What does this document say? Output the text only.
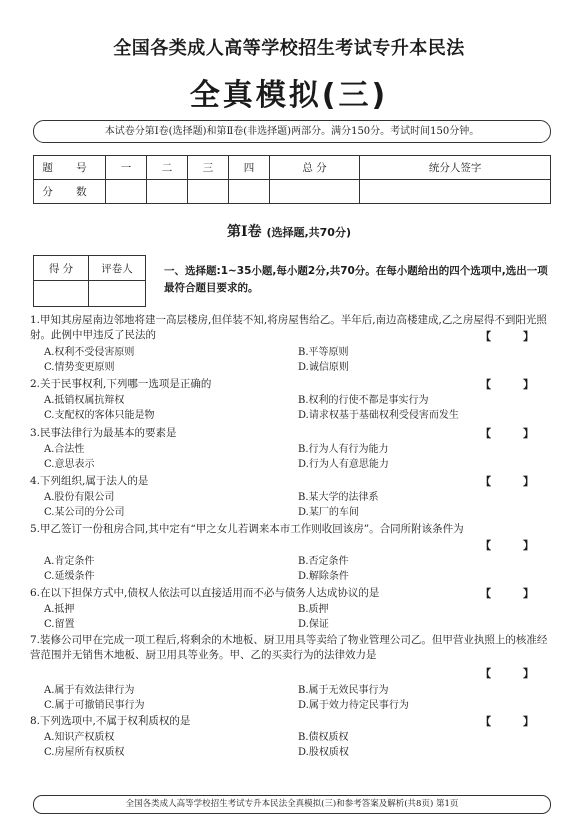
全国各类成人高等学校招生考试专升本民法
全真模拟(三)
本试卷分第Ⅰ卷(选择题)和第Ⅱ卷(非选择题)两部分。满分150分。考试时间150分钟。
题 号	一	二	三	四	总 分	统分人签字
分 数						
第Ⅰ卷 (选择题,共70分)
得 分	评卷人
		一、选择题:1~35小题,每小题2分,共70分。在每小题给出的四个选项中,选出一项最符合题目要求的。
1.甲知其房屋南边邻地将建一高层楼房,但佯装不知,将房屋售给乙。半年后,南边高楼建成,乙之房屋得不到阳光照射。此例中甲违反了民法的	【 】
A.权利不受侵害原则	B.平等原则
C.情势变更原则	D.诚信原则
2.关于民事权利,下列哪一选项是正确的	【 】
A.抵销权属抗辩权	B.权利的行使不都是事实行为
C.支配权的客体只能是物	D.请求权基于基础权利受侵害而发生
3.民事法律行为最基本的要素是	【 】
A.合法性	B.行为人有行为能力
C.意思表示	D.行为人有意思能力
4.下列组织,属于法人的是	【 】
A.股份有限公司	B.某大学的法律系
C.某公司的分公司	D.某厂的车间
5.甲乙签订一份租房合同,其中定有“甲之女儿若调来本市工作则收回该房”。合同所附该条件为
【 】
A.肯定条件	B.否定条件
C.延缓条件	D.解除条件
6.在以下担保方式中,债权人依法可以直接适用而不必与债务人达成协议的是	【 】
A.抵押	B.质押
C.留置	D.保证
7.装修公司甲在完成一项工程后,将剩余的木地板、厨卫用具等卖给了物业管理公司乙。但甲营业执照上的核准经营范围并无销售木地板、厨卫用具等业务。甲、乙的买卖行为的法律效力是
【 】
A.属于有效法律行为	B.属于无效民事行为
C.属于可撤销民事行为	D.属于效力待定民事行为
8.下列选项中,不属于权利质权的是	【 】
A.知识产权质权	B.债权质权
C.房屋所有权质权	D.股权质权
全国各类成人高等学校招生考试专升本民法全真模拟(三)和参考答案及解析(共8页) 第1页
